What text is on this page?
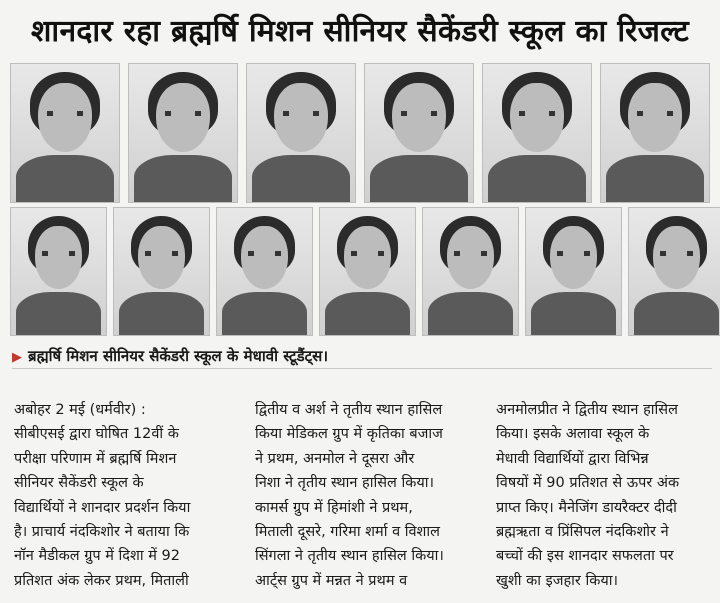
शानदार रहा ब्रह्मर्षि मिशन सीनियर सैकेंडरी स्कूल का रिजल्ट
▶ ब्रह्मर्षि मिशन सीनियर सैकेंडरी स्कूल के मेधावी स्टूडैंट्स।
अबोहर 2 मई (धर्मवीर) :
सीबीएसई द्वारा घोषित 12वीं के
परीक्षा परिणाम में ब्रह्मर्षि मिशन
सीनियर सैकेंडरी स्कूल के
विद्यार्थियों ने शानदार प्रदर्शन किया
है। प्राचार्य नंदकिशोर ने बताया कि
नॉन मैडीकल ग्रुप में दिशा में 92
प्रतिशत अंक लेकर प्रथम, मिताली
द्वितीय व अर्श ने तृतीय स्थान हासिल
किया मेडिकल ग्रुप में कृतिका बजाज
ने प्रथम, अनमोल ने दूसरा और
निशा ने तृतीय स्थान हासिल किया।
कामर्स ग्रुप में हिमांशी ने प्रथम,
मिताली दूसरे, गरिमा शर्मा व विशाल
सिंगला ने तृतीय स्थान हासिल किया।
आर्ट्स ग्रुप में मन्नत ने प्रथम व
अनमोलप्रीत ने द्वितीय स्थान हासिल
किया। इसके अलावा स्कूल के
मेधावी विद्यार्थियों द्वारा विभिन्न
विषयों में 90 प्रतिशत से ऊपर अंक
प्राप्त किए। मैनेजिंग डायरैक्टर दीदी
ब्रह्मऋता व प्रिंसिपल नंदकिशोर ने
बच्चों की इस शानदार सफलता पर
खुशी का इजहार किया।
